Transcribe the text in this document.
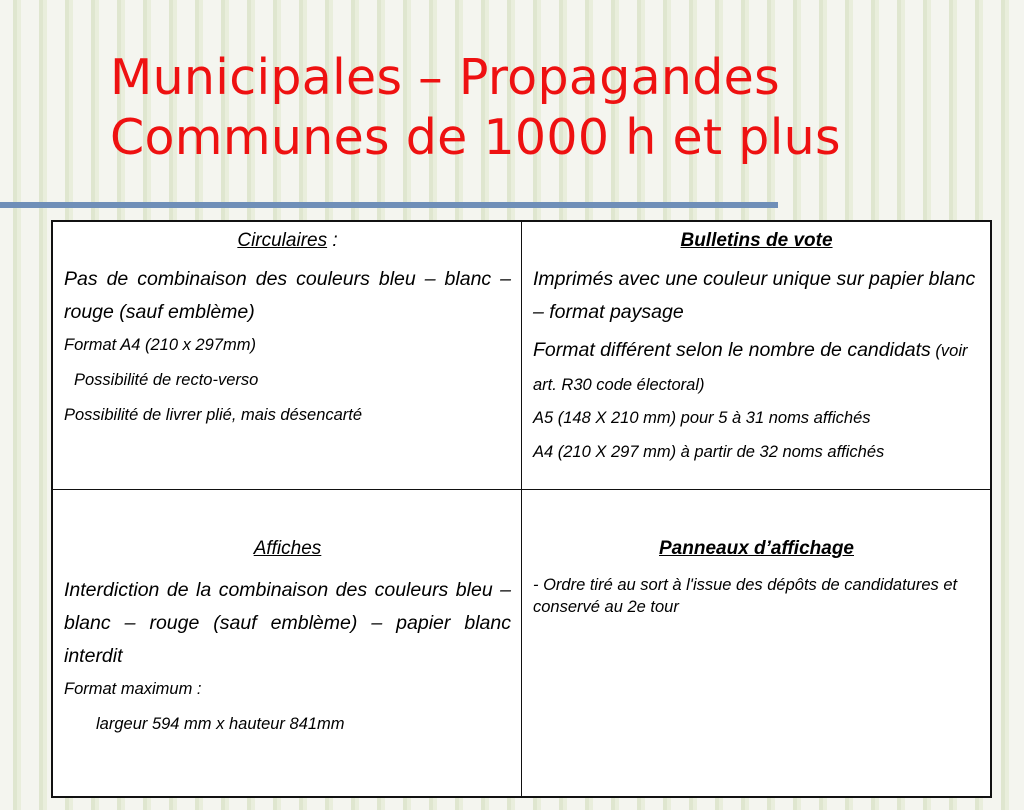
Municipales – Propagandes
Communes de 1000 h et plus
Circulaires :

Pas de combinaison des couleurs bleu – blanc – rouge (sauf emblème)

Format A4 (210 x 297mm)

Possibilité de recto-verso

Possibilité de livrer plié, mais désencarté

Bulletins de vote

Imprimés avec une couleur unique sur papier blanc – format paysage

Format différent selon le nombre de candidats (voir art. R30 code électoral)

A5 (148 X 210 mm) pour 5 à 31 noms affichés

A4 (210 X 297 mm) à partir de 32 noms affichés

Affiches

Interdiction de la combinaison des couleurs bleu – blanc – rouge (sauf emblème) – papier blanc interdit

Format maximum :

largeur 594 mm x hauteur 841mm

Panneaux d’affichage

- Ordre tiré au sort à l'issue des dépôts de candidatures et conservé au 2e tour
